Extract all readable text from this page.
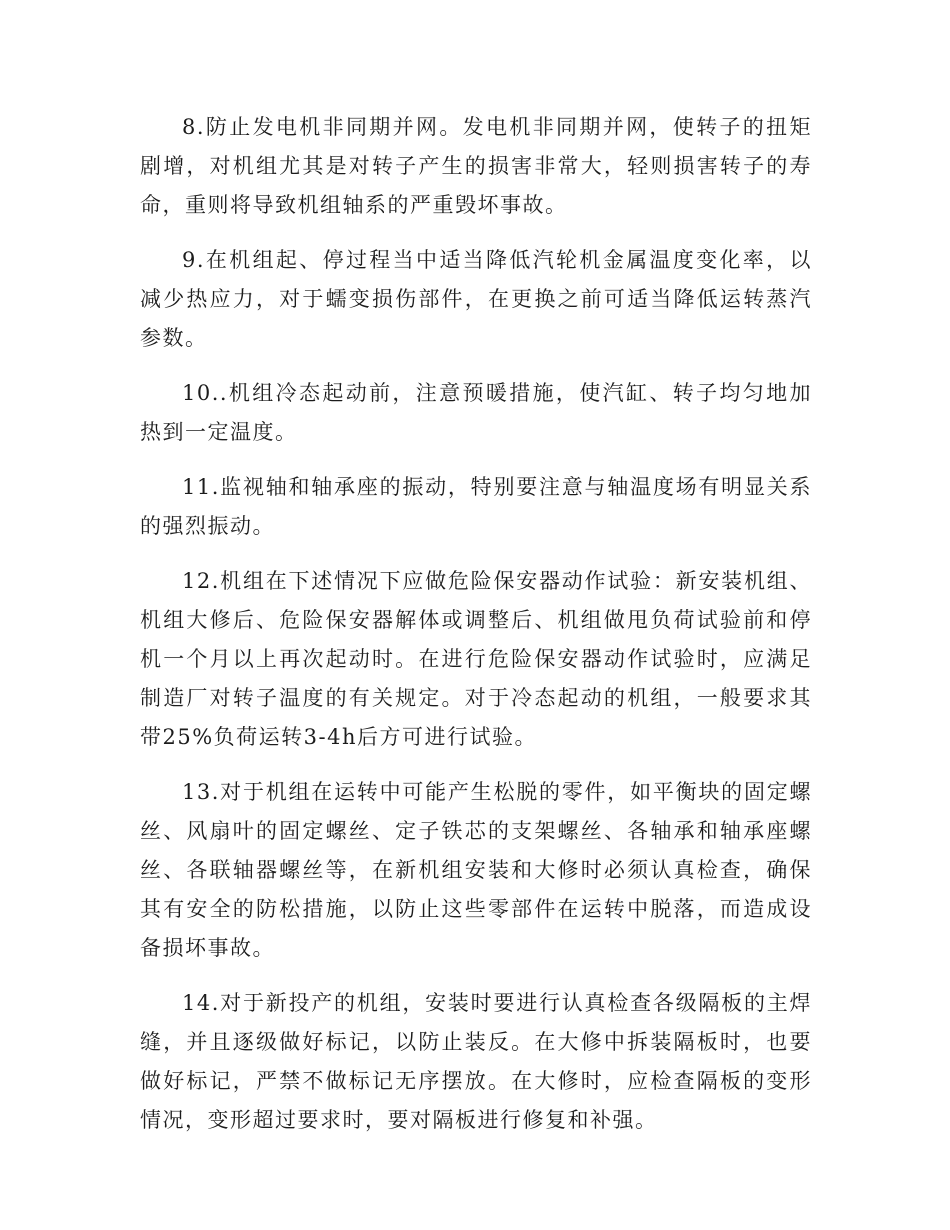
8.防止发电机非同期并网。发电机非同期并网，使转子的扭矩剧增，对机组尤其是对转子产生的损害非常大，轻则损害转子的寿命，重则将导致机组轴系的严重毁坏事故。

9.在机组起、停过程当中适当降低汽轮机金属温度变化率，以减少热应力，对于蠕变损伤部件，在更换之前可适当降低运转蒸汽参数。

10..机组冷态起动前，注意预暖措施，使汽缸、转子均匀地加热到一定温度。

11.监视轴和轴承座的振动，特别要注意与轴温度场有明显关系的强烈振动。

12.机组在下述情况下应做危险保安器动作试验：新安装机组、机组大修后、危险保安器解体或调整后、机组做甩负荷试验前和停机一个月以上再次起动时。在进行危险保安器动作试验时，应满足制造厂对转子温度的有关规定。对于冷态起动的机组，一般要求其带25%负荷运转3-4h后方可进行试验。

13.对于机组在运转中可能产生松脱的零件，如平衡块的固定螺丝、风扇叶的固定螺丝、定子铁芯的支架螺丝、各轴承和轴承座螺丝、各联轴器螺丝等，在新机组安装和大修时必须认真检查，确保其有安全的防松措施，以防止这些零部件在运转中脱落，而造成设备损坏事故。

14.对于新投产的机组，安装时要进行认真检查各级隔板的主焊缝，并且逐级做好标记，以防止装反。在大修中拆装隔板时，也要做好标记，严禁不做标记无序摆放。在大修时，应检查隔板的变形情况，变形超过要求时，要对隔板进行修复和补强。
